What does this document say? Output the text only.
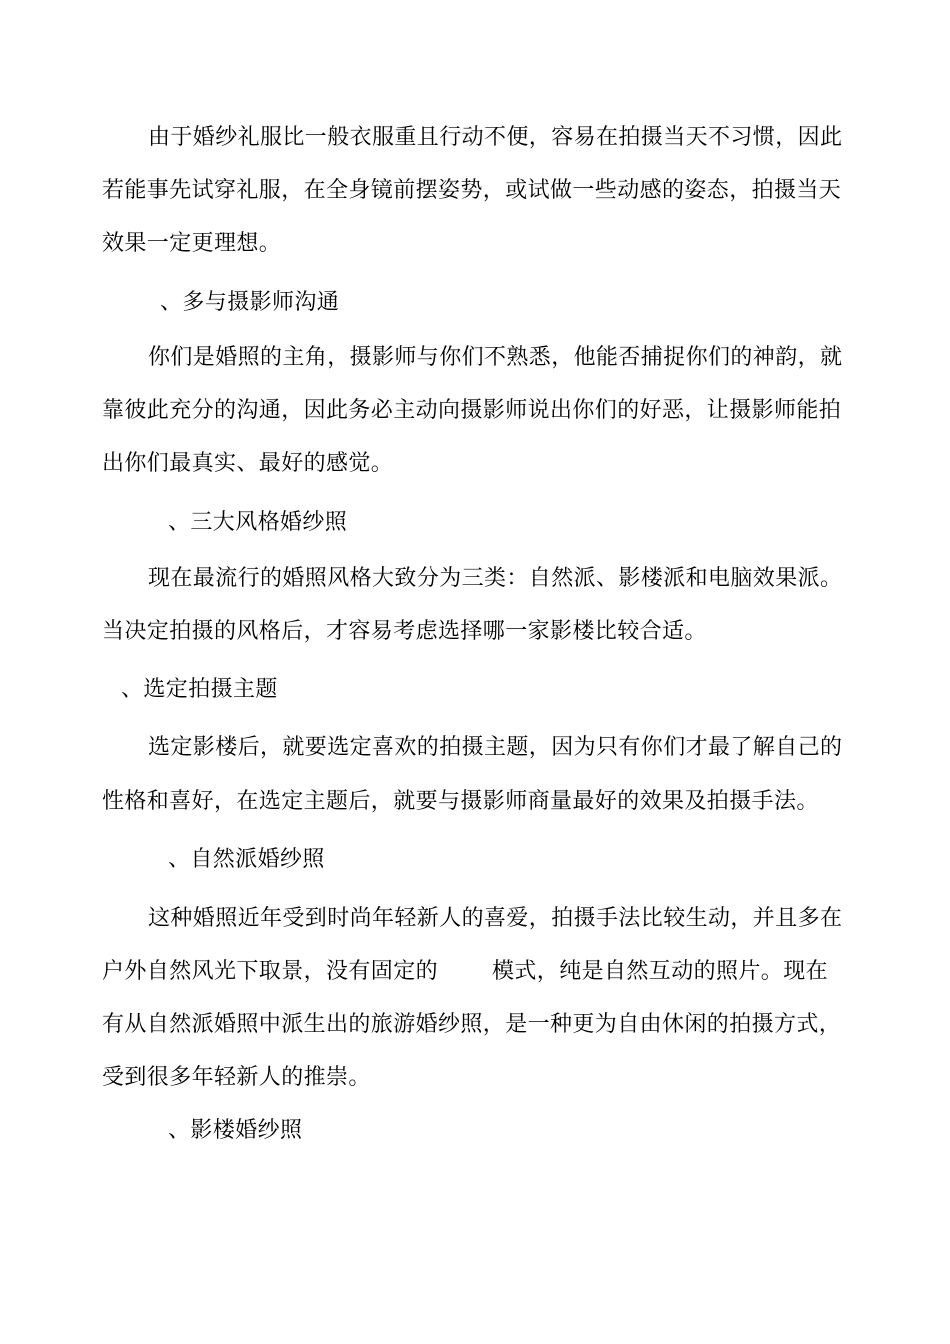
由于婚纱礼服比一般衣服重且行动不便，容易在拍摄当天不习惯，因此
若能事先试穿礼服，在全身镜前摆姿势，或试做一些动感的姿态，拍摄当天
效果一定更理想。
、多与摄影师沟通
你们是婚照的主角，摄影师与你们不熟悉，他能否捕捉你们的神韵，就
靠彼此充分的沟通，因此务必主动向摄影师说出你们的好恶，让摄影师能拍
出你们最真实、最好的感觉。
、三大风格婚纱照
现在最流行的婚照风格大致分为三类：自然派、影楼派和电脑效果派。
当决定拍摄的风格后，才容易考虑选择哪一家影楼比较合适。
、选定拍摄主题
选定影楼后，就要选定喜欢的拍摄主题，因为只有你们才最了解自己的
性格和喜好，在选定主题后，就要与摄影师商量最好的效果及拍摄手法。
、自然派婚纱照
这种婚照近年受到时尚年轻新人的喜爱，拍摄手法比较生动，并且多在
户外自然风光下取景，没有固定的 模式，纯是自然互动的照片。现在
有从自然派婚照中派生出的旅游婚纱照，是一种更为自由休闲的拍摄方式，
受到很多年轻新人的推崇。
、影楼婚纱照
